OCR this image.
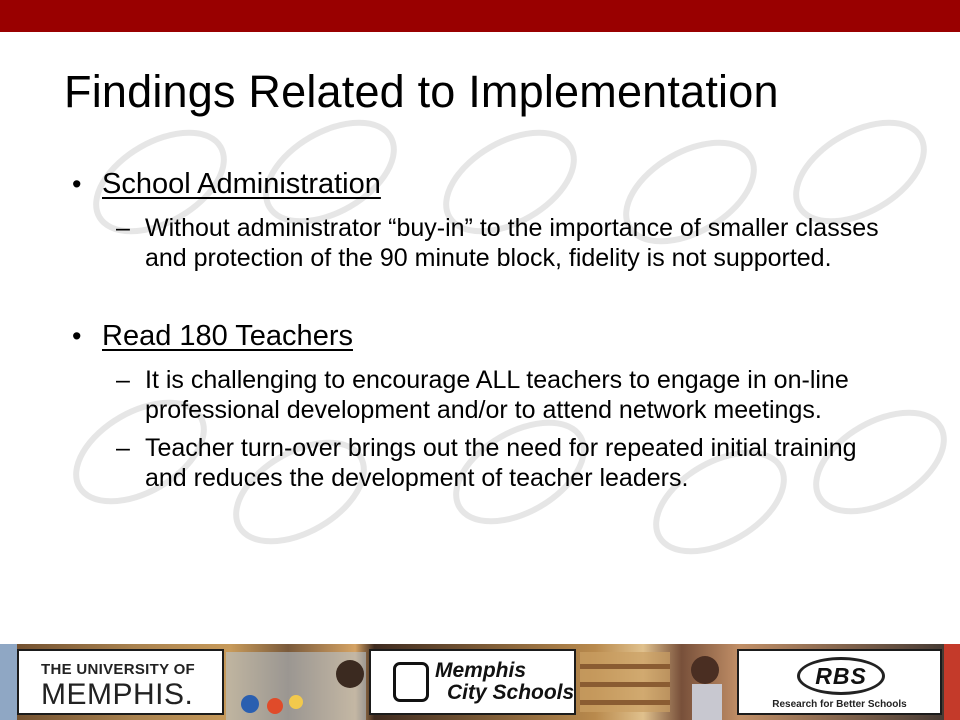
Findings Related to Implementation
• School Administration
– Without administrator “buy-in” to the importance of smaller classes and protection of the 90 minute block, fidelity is not supported.
• Read 180 Teachers
– It is challenging to encourage ALL teachers to engage in on-line professional development and/or to attend network meetings.
– Teacher turn-over brings out the need for repeated initial training and reduces the development of teacher leaders.
THE UNIVERSITY OF
MEMPHIS.
Memphis
City Schools
RBS
Research for Better Schools
